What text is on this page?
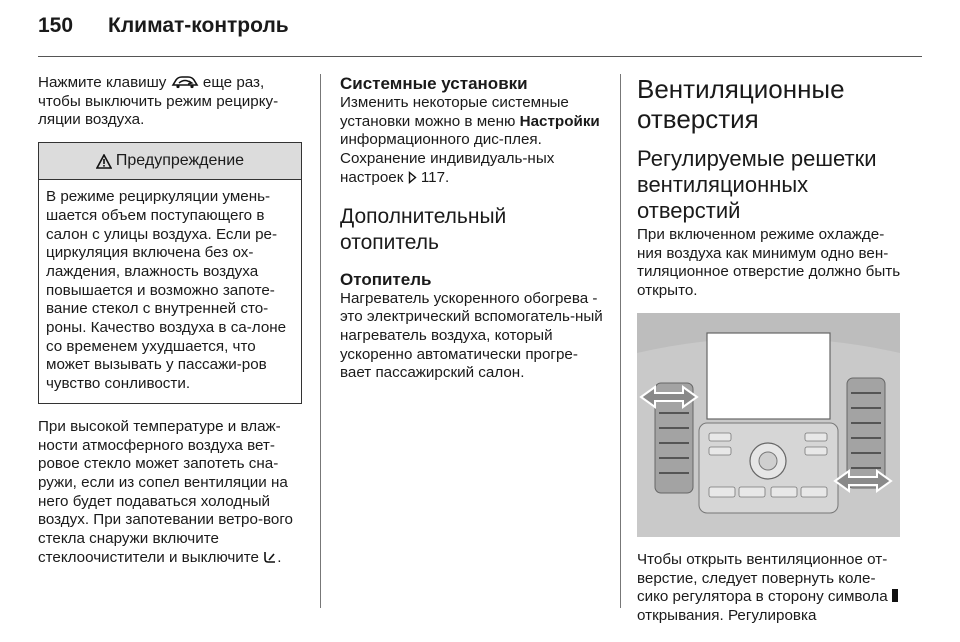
150 Климат-контроль

Нажмите клавишу еще раз, чтобы выключить режим рецирку-ляции воздуха.

Предупреждение

В режиме рециркуляции умень-шается объем поступающего в салон с улицы воздуха. Если ре-циркуляция включена без ох-лаждения, влажность воздуха повышается и возможно запоте-вание стекол с внутренней сто-роны. Качество воздуха в са-лоне со временем ухудшается, что может вызывать у пассажи-ров чувство сонливости.

При высокой температуре и влаж-ности атмосферного воздуха вет-ровое стекло может запотеть сна-ружи, если из сопел вентиляции на него будет подаваться холодный воздух. При запотевании ветро-вого стекла снаружи включите стеклоочистители и выключите .

Системные установки

Изменить некоторые системные установки можно в меню Настройки информационного дис-плея. Сохранение индивидуаль-ных настроек 117.

Дополнительный отопитель
Отопитель

Нагреватель ускоренного обогрева - это электрический вспомогатель-ный нагреватель воздуха, который ускоренно автоматически прогре-вает пассажирский салон.

Вентиляционные отверстия
Регулируемые решетки вентиляционных отверстий

При включенном режиме охлажде-ния воздуха как минимум одно вен-тиляционное отверстие должно быть открыто.

Чтобы открыть вентиляционное от-верстие, следует повернуть коле-сико регулятора в сторону символа  открывания. Регулировка
